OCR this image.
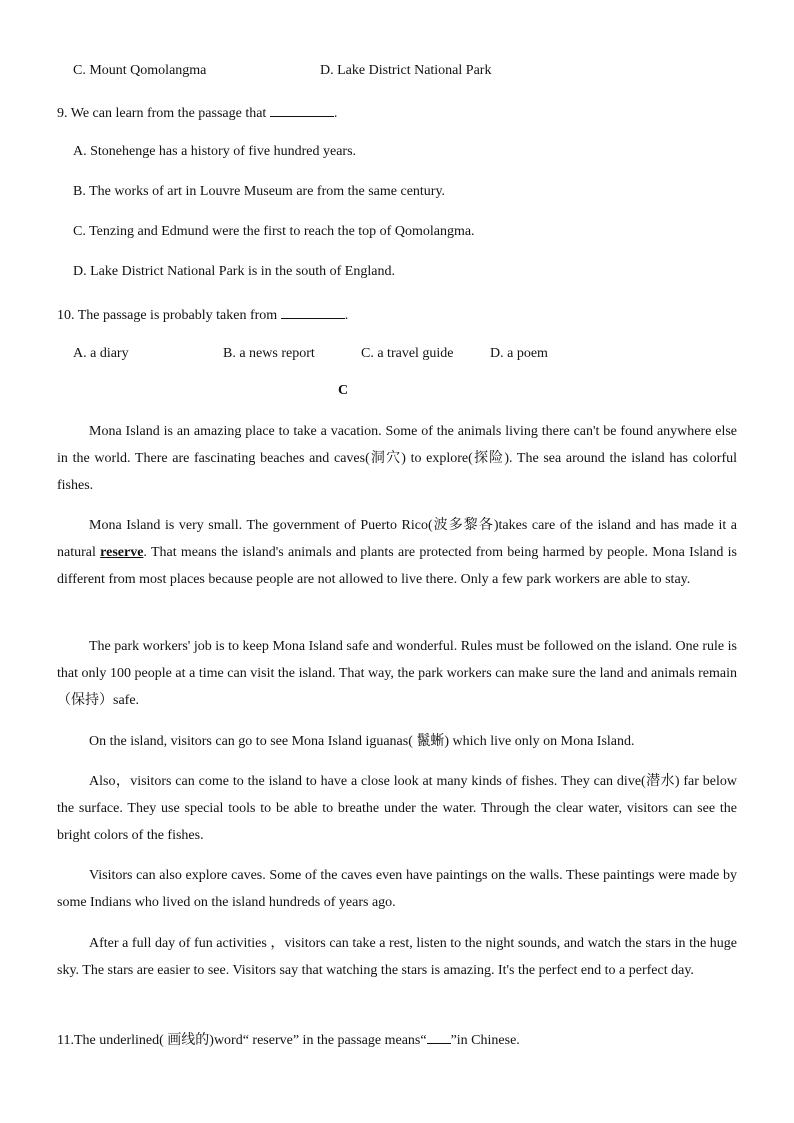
C. Mount Qomolangma	D. Lake District National Park
9. We can learn from the passage that	.
A. Stonehenge has a history of five hundred years.
B. The works of art in Louvre Museum are from the same century.
C. Tenzing and Edmund were the first to reach the top of Qomolangma.
D. Lake District National Park is in the south of England.
10. The passage is probably taken from	.
A. a diary	B. a news report	C. a travel guide	D. a poem
C
Mona Island is an amazing place to take a vacation. Some of the animals living there can't be found anywhere else in the world. There are fascinating beaches and caves(洞穴) to explore(探险). The sea around the island has colorful fishes.
Mona Island is very small. The government of Puerto Rico(波多黎各)takes care of the island and has made it a natural reserve. That means the island's animals and plants are protected from being harmed by people. Mona Island is different from most places because people are not allowed to live there. Only a few park workers are able to stay.
The park workers' job is to keep Mona Island safe and wonderful. Rules must be followed on the island. One rule is that only 100 people at a time can visit the island. That way, the park workers can make sure the land and animals remain （保持）safe.
On the island, visitors can go to see Mona Island iguanas( 鬣蜥) which live only on Mona Island.
Also，visitors can come to the island to have a close look at many kinds of fishes. They can dive(潜水) far below the surface. They use special tools to be able to breathe under the water. Through the clear water, visitors can see the bright colors of the fishes.
Visitors can also explore caves. Some of the caves even have paintings on the walls. These paintings were made by some Indians who lived on the island hundreds of years ago.
After a full day of fun activities ，visitors can take a rest, listen to the night sounds, and watch the stars in the huge sky. The stars are easier to see. Visitors say that watching the stars is amazing. It's the perfect end to a perfect day.
11.The underlined( 画线的)word“ reserve” in the passage means“ ”in Chinese.
